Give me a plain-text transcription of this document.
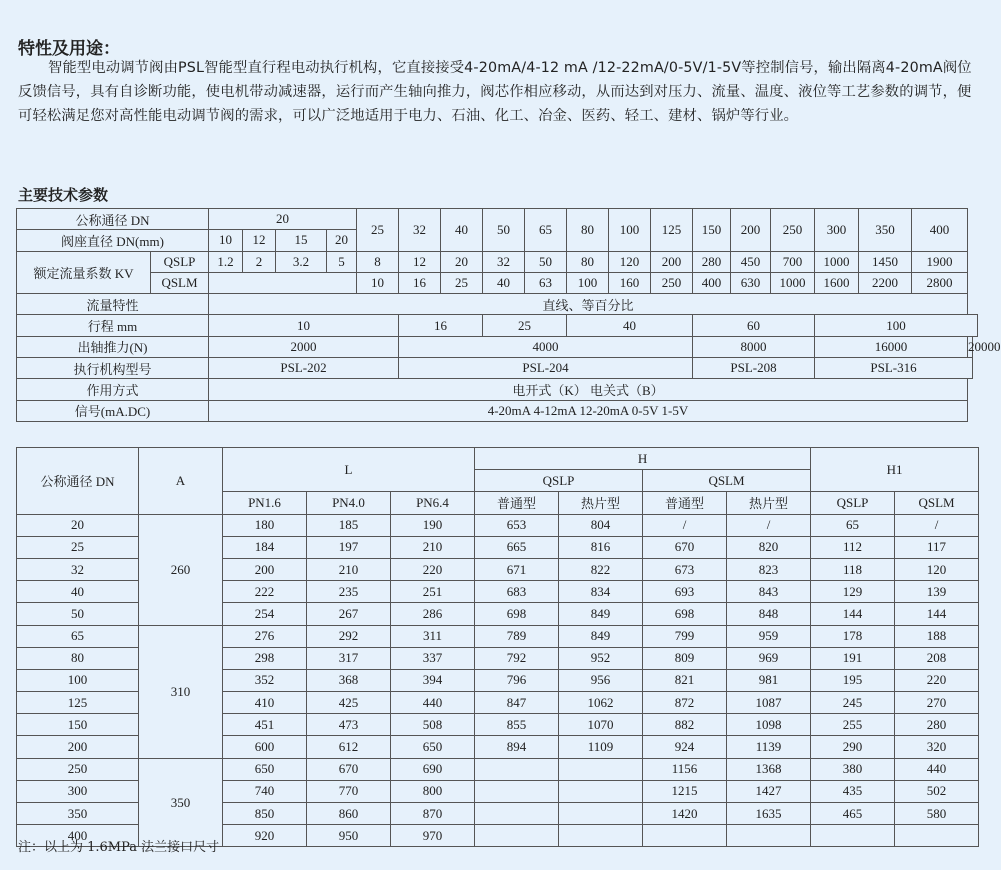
特性及用途：
智能型电动调节阀由PSL智能型直行程电动执行机构，它直接接受4-20mA/4-12 mA /12-22mA/0-5V/1-5V等控制信号，输出隔离4-20mA阀位反馈信号，具有自诊断功能，使电机带动减速器，运行而产生轴向推力，阀芯作相应移动，从而达到对压力、流量、温度、液位等工艺参数的调节，便可轻松满足您对高性能电动调节阀的需求，可以广泛地适用于电力、石油、化工、冶金、医药、轻工、建材、锅炉等行业。
主要技术参数
公称通径 DN		20				25	32	40	50	65	80	100	125	150	200	250	300	350	400	
阀座直径 DN(mm)		10	12	15	20															
额定流量系数 KV	QSLP	1.2	2	3.2	5	8	12	20	32	50	80	120	200	280	450	700	1000	1450	1900	
	QSLM					10	16	25	40	63	100	160	250	400	630	1000	1600	2200	2800	
流量特性		直线、等百分比																		
行程 mm		10					16		25		40			60			100			
出轴推力(N)		2000					4000							8000			16000			20000
执行机构型号		PSL-202					PSL-204							PSL-208			PSL-316			
作用方式		电开式（K） 电关式（B）																		
信号(mA.DC)		4-20mA 4-12mA 12-20mA 0-5V 1-5V																		
公称通径 DN	A	L			H				H1	
					QSLP		QSLM			
		PN1.6	PN4.0	PN6.4	普通型	热片型	普通型	热片型	QSLP	QSLM
20	260	180	185	190	653	804	/	/	65	/
25		184	197	210	665	816	670	820	112	117
32		200	210	220	671	822	673	823	118	120
40		222	235	251	683	834	693	843	129	139
50		254	267	286	698	849	698	848	144	144
65	310	276	292	311	789	849	799	959	178	188
80		298	317	337	792	952	809	969	191	208
100		352	368	394	796	956	821	981	195	220
125		410	425	440	847	1062	872	1087	245	270
150		451	473	508	855	1070	882	1098	255	280
200		600	612	650	894	1109	924	1139	290	320
250	350	650	670	690			1156	1368	380	440
300		740	770	800			1215	1427	435	502
350		850	860	870			1420	1635	465	580
400		920	950	970						
注：以上为 1.6MPa 法兰接口尺寸
